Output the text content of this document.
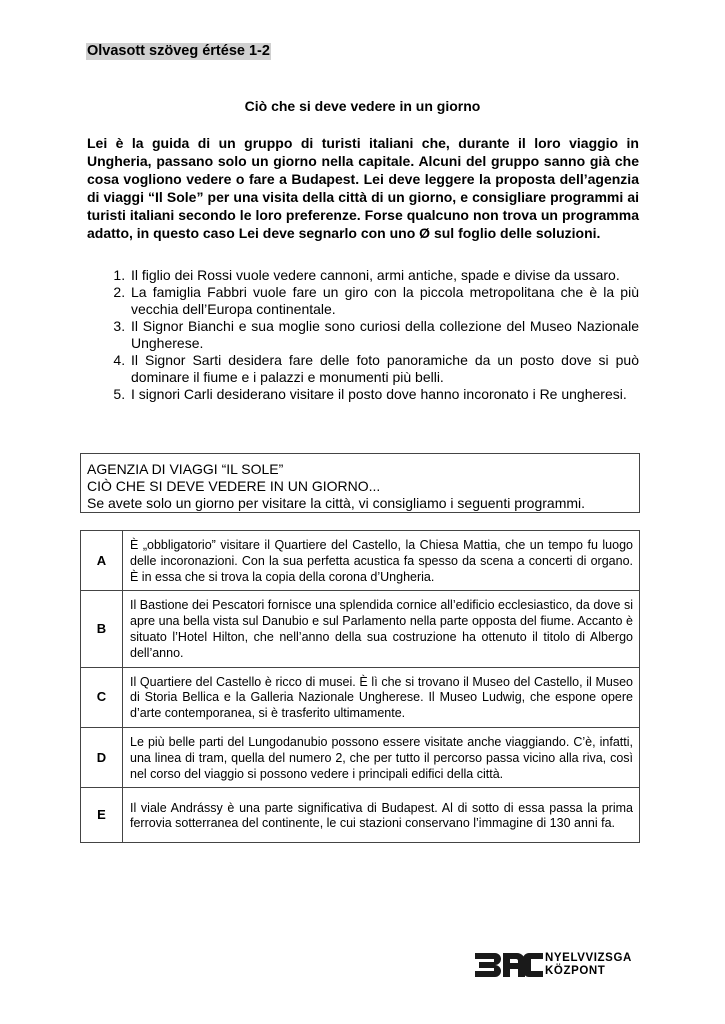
Olvasott szöveg értése 1-2
Ciò che si deve vedere in un giorno

Lei è la guida di un gruppo di turisti italiani che, durante il loro viaggio in Ungheria, passano solo un giorno nella capitale. Alcuni del gruppo sanno già che cosa vogliono vedere o fare a Budapest. Lei deve leggere la proposta dell’agenzia di viaggi “Il Sole” per una visita della città di un giorno, e consigliare programmi ai turisti italiani secondo le loro preferenze. Forse qualcuno non trova un programma adatto, in questo caso Lei deve segnarlo con uno Ø sul foglio delle soluzioni.

1. Il figlio dei Rossi vuole vedere cannoni, armi antiche, spade e divise da ussaro.
2. La famiglia Fabbri vuole fare un giro con la piccola metropolitana che è la più vecchia dell’Europa continentale.
3. Il Signor Bianchi e sua moglie sono curiosi della collezione del Museo Nazionale Ungherese.
4. Il Signor Sarti desidera fare delle foto panoramiche da un posto dove si può dominare il fiume e i palazzi e monumenti più belli.
5. I signori Carli desiderano visitare il posto dove hanno incoronato i Re ungheresi.
AGENZIA DI VIAGGI “IL SOLE”
CIÒ CHE SI DEVE VEDERE IN UN GIORNO...
Se avete solo un giorno per visitare la città, vi consigliamo i seguenti programmi.
A	È „obbligatorio” visitare il Quartiere del Castello, la Chiesa Mattia, che un tempo fu luogo delle incoronazioni. Con la sua perfetta acustica fa spesso da scena a concerti di organo. È in essa che si trova la copia della corona d’Ungheria.
B	Il Bastione dei Pescatori fornisce una splendida cornice all’edificio ecclesiastico, da dove si apre una bella vista sul Danubio e sul Parlamento nella parte opposta del fiume. Accanto è situato l’Hotel Hilton, che nell’anno della sua costruzione ha ottenuto il titolo di Albergo dell’anno.
C	Il Quartiere del Castello è ricco di musei. È lì che si trovano il Museo del Castello, il Museo di Storia Bellica e la Galleria Nazionale Ungherese. Il Museo Ludwig, che espone opere d’arte contemporanea, si è trasferito ultimamente.
D	Le più belle parti del Lungodanubio possono essere visitate anche viaggiando. C’è, infatti, una linea di tram, quella del numero 2, che per tutto il percorso passa vicino alla riva, così nel corso del viaggio si possono vedere i principali edifici della città.
E	Il viale Andrássy è una parte significativa di Budapest. Al di sotto di essa passa la prima ferrovia sotterranea del continente, le cui stazioni conservano l’immagine di 130 anni fa.
NYELVVIZSGA
KÖZPONT
